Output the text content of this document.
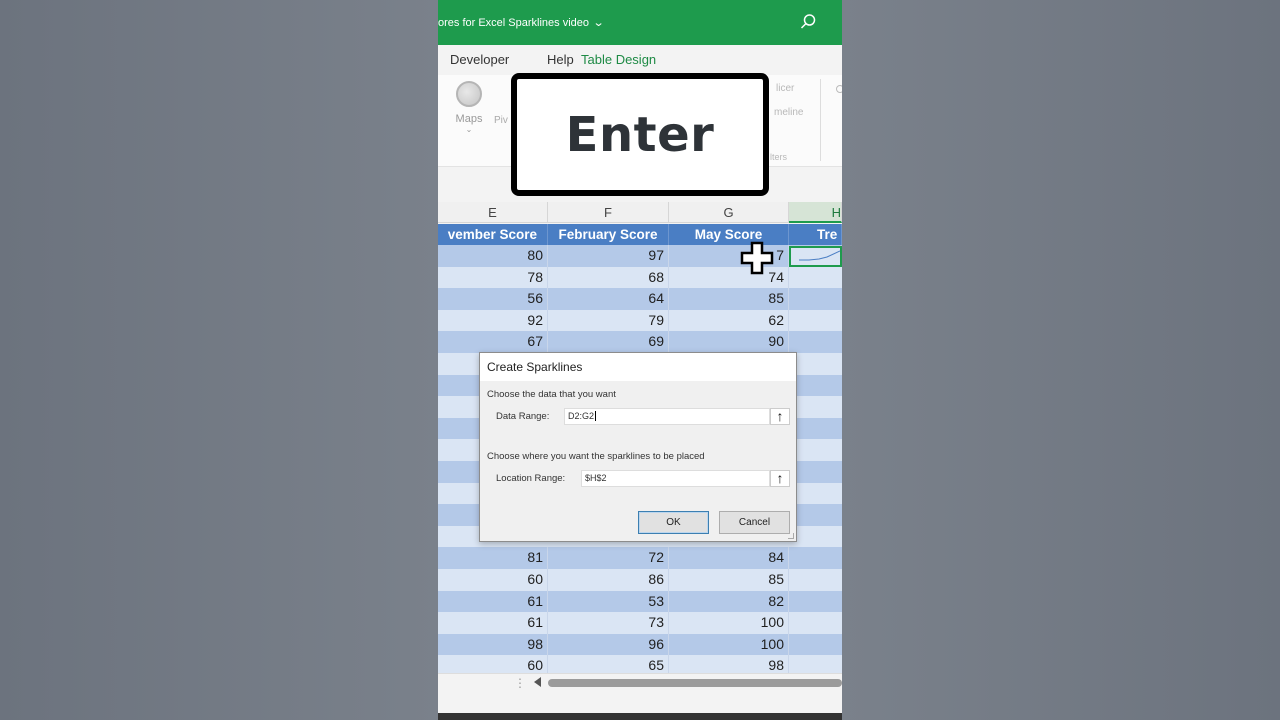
ores for Excel Sparklines video ⌄
Developer	Help Table Design
Maps
⌄
Piv
licer
meline
lters
E	F	G	H
vember Score	February Score	May Score	Tre
80	97	7
78	68	74
56	64	85
92	79	62
67	69	90
81	72	84
60	86	85
61	53	82
61	73	100
98	96	100
60	65	98
⋮
Enter
Create Sparklines
Choose the data that you want
Data Range:	D2:G2	↑
Choose where you want the sparklines to be placed
Location Range:	$H$2	↑
OK	Cancel
